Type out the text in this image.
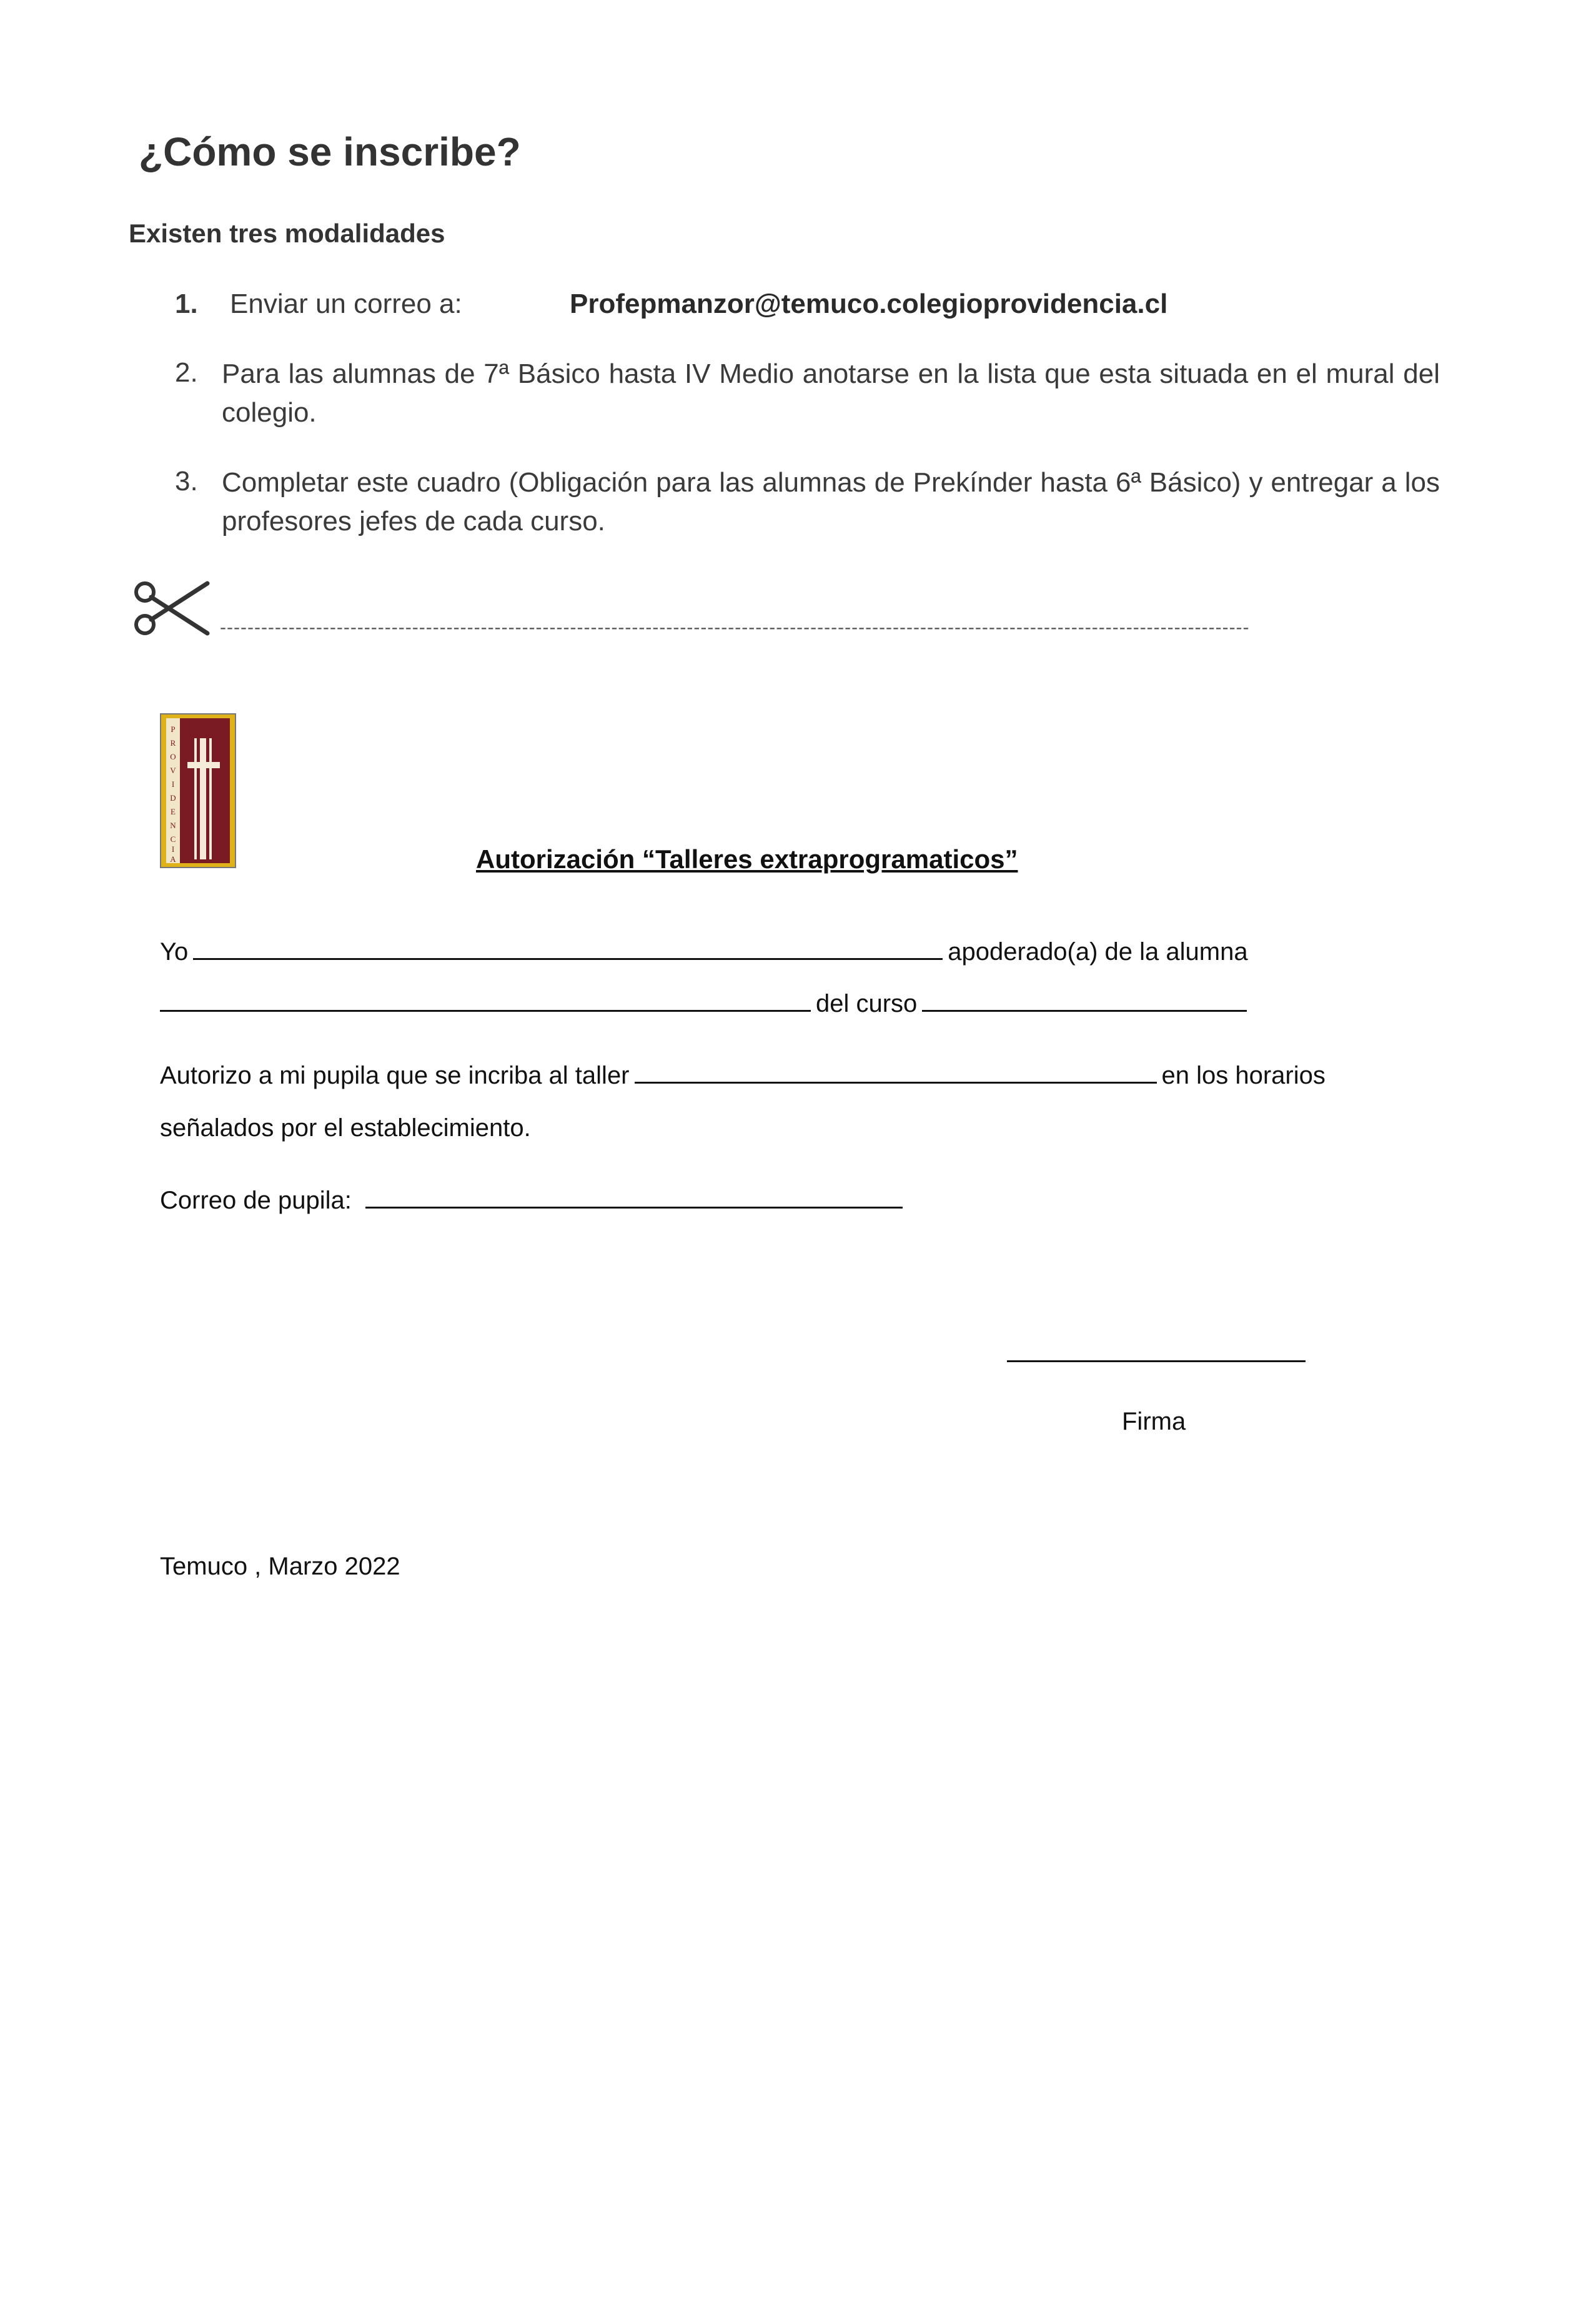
¿Cómo se inscribe?
Existen tres modalidades
1.	Enviar un correo a:	Profepmanzor@temuco.colegioprovidencia.cl
2. Para las alumnas de 7ª Básico hasta IV Medio anotarse en la lista que esta situada en el mural del colegio.
3. Completar este cuadro (Obligación para las alumnas de Prekínder hasta 6ª Básico) y entregar a los profesores jefes de cada curso.
------------------------------------------------------------------------------------------------------------------------------------------------------
P
R
O
V
I
D
E
N
C
I
A	Autorización “Talleres extraprogramaticos”
Yo	apoderado(a) de la alumna
del curso
Autorizo a mi pupila que se incriba al taller	en los horarios
señalados por el establecimiento.
Correo de pupila:
Firma
Temuco , Marzo 2022
